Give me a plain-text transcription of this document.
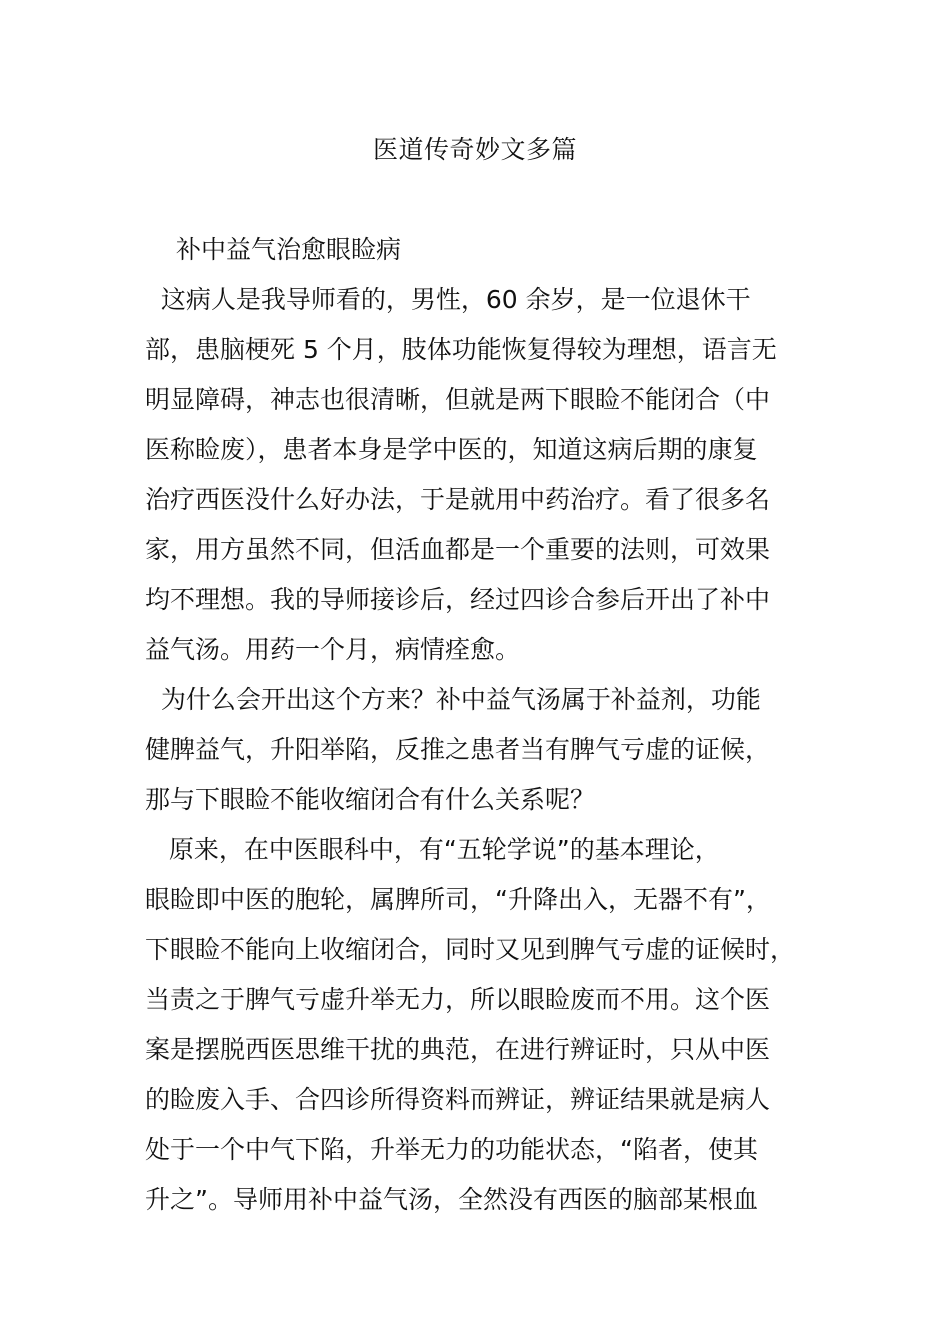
医道传奇妙文多篇
补中益气治愈眼睑病
这病人是我导师看的，男性，60 余岁，是一位退休干
部，患脑梗死 5 个月，肢体功能恢复得较为理想，语言无
明显障碍，神志也很清晰，但就是两下眼睑不能闭合（中
医称睑废），患者本身是学中医的，知道这病后期的康复
治疗西医没什么好办法，于是就用中药治疗。看了很多名
家，用方虽然不同，但活血都是一个重要的法则，可效果
均不理想。我的导师接诊后，经过四诊合参后开出了补中
益气汤。用药一个月，病情痊愈。
为什么会开出这个方来？补中益气汤属于补益剂，功能
健脾益气，升阳举陷，反推之患者当有脾气亏虚的证候，
那与下眼睑不能收缩闭合有什么关系呢？
原来，在中医眼科中，有“五轮学说”的基本理论，
眼睑即中医的胞轮，属脾所司，“升降出入，无器不有”，
下眼睑不能向上收缩闭合，同时又见到脾气亏虚的证候时，
当责之于脾气亏虚升举无力，所以眼睑废而不用。这个医
案是摆脱西医思维干扰的典范，在进行辨证时，只从中医
的睑废入手、合四诊所得资料而辨证，辨证结果就是病人
处于一个中气下陷，升举无力的功能状态，“陷者，使其
升之”。导师用补中益气汤，全然没有西医的脑部某根血
